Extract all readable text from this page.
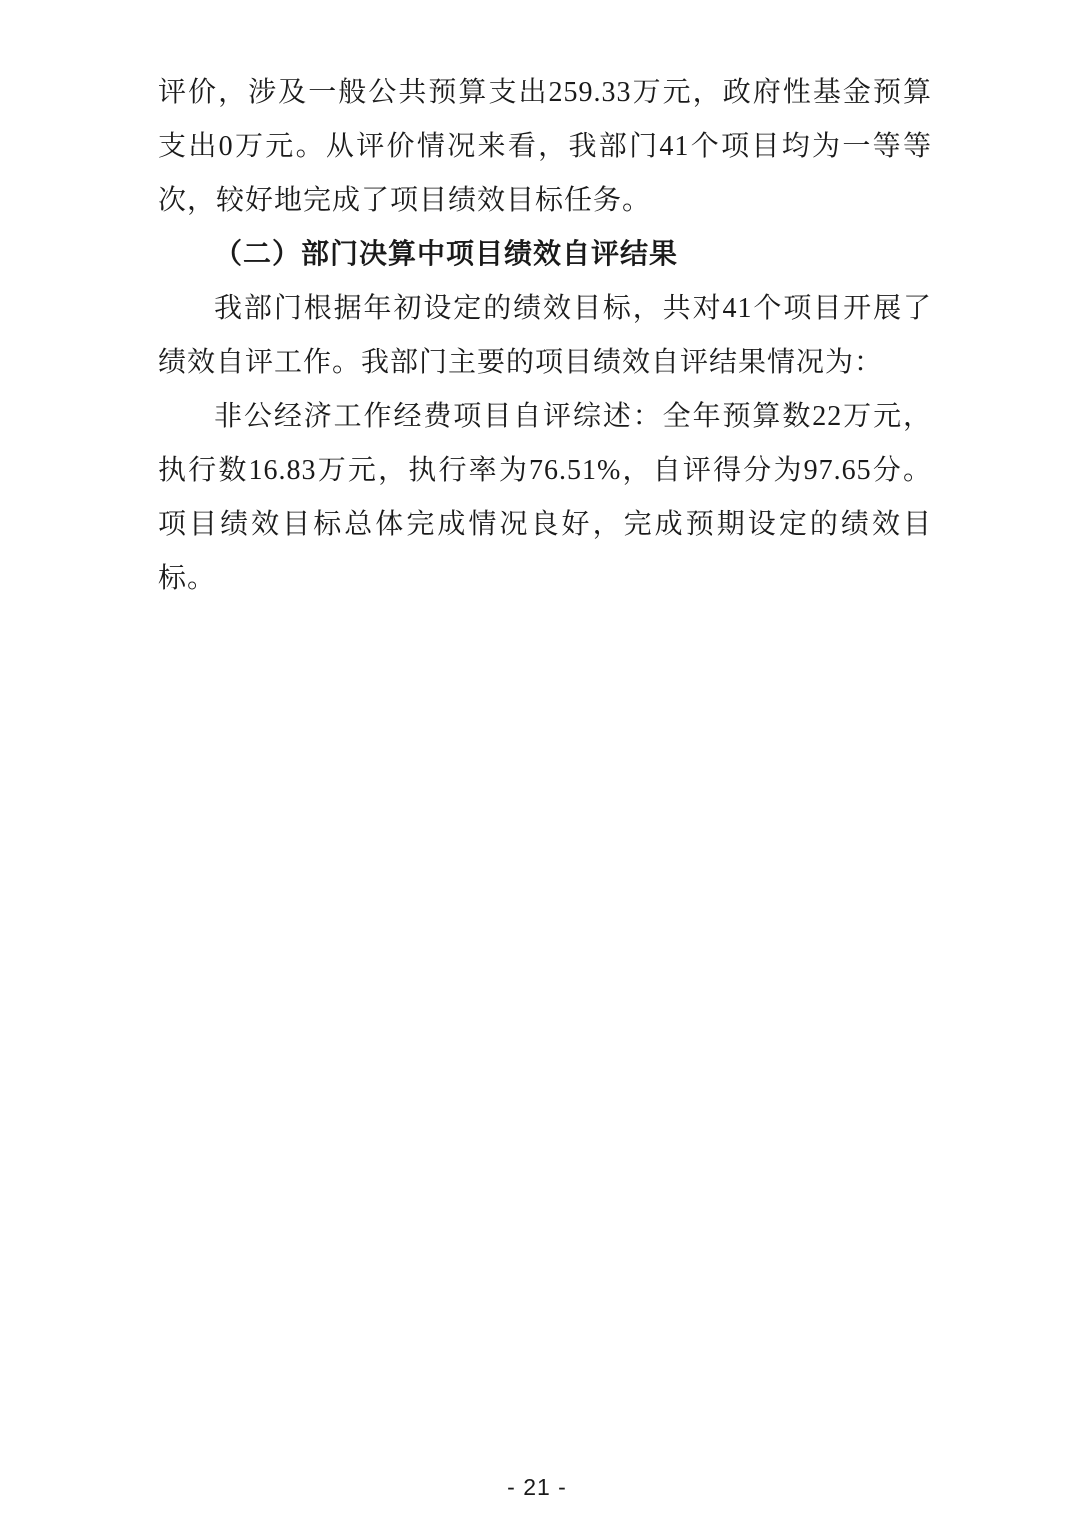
评价，涉及一般公共预算支出259.33万元，政府性基金预算支出0万元。从评价情况来看，我部门41个项目均为一等等次，较好地完成了项目绩效目标任务。

（二）部门决算中项目绩效自评结果

我部门根据年初设定的绩效目标，共对41个项目开展了绩效自评工作。我部门主要的项目绩效自评结果情况为：

非公经济工作经费项目自评综述：全年预算数22万元，执行数16.83万元，执行率为76.51%，自评得分为97.65分。项目绩效目标总体完成情况良好，完成预期设定的绩效目标。

- 21 -
